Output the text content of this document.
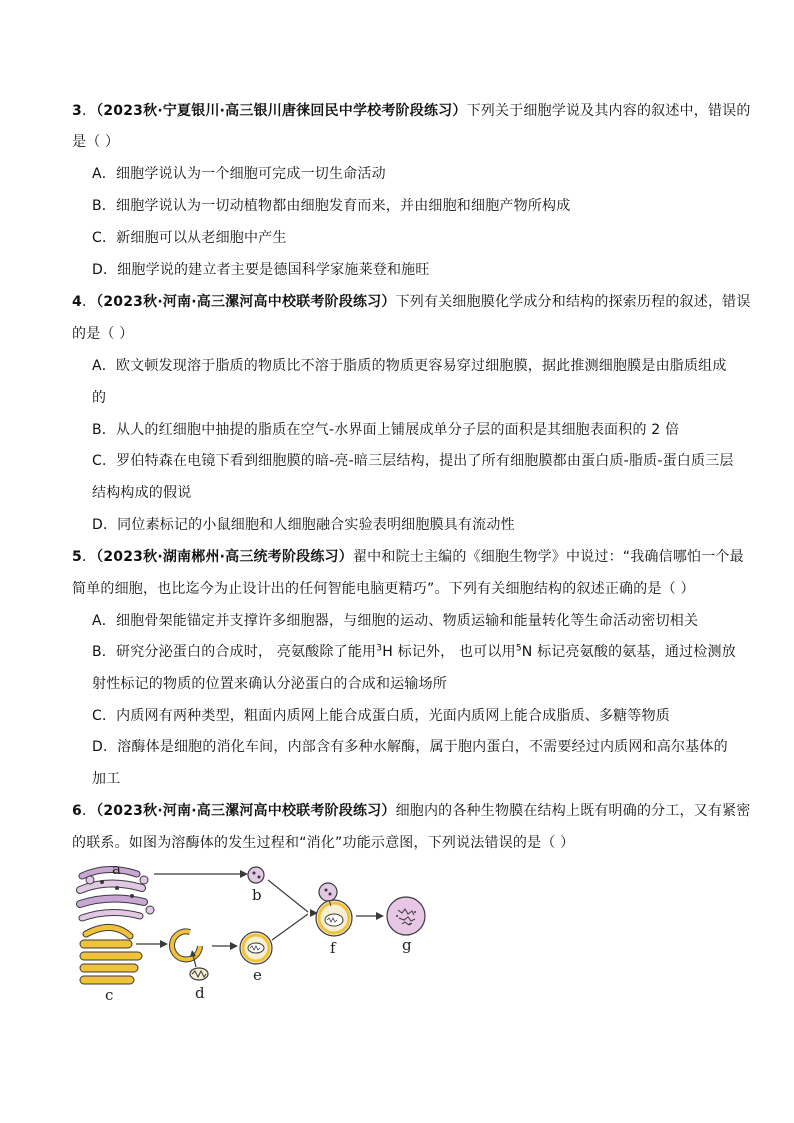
3．（2023秋·宁夏银川·高三银川唐徕回民中学校考阶段练习）下列关于细胞学说及其内容的叙述中，错误的
是（ ）
A．细胞学说认为一个细胞可完成一切生命活动
B．细胞学说认为一切动植物都由细胞发育而来，并由细胞和细胞产物所构成
C．新细胞可以从老细胞中产生
D．细胞学说的建立者主要是德国科学家施莱登和施旺
4．（2023秋·河南·高三漯河高中校联考阶段练习）下列有关细胞膜化学成分和结构的探索历程的叙述，错误
的是（ ）
A．欧文顿发现溶于脂质的物质比不溶于脂质的物质更容易穿过细胞膜，据此推测细胞膜是由脂质组成
的
B．从人的红细胞中抽提的脂质在空气-水界面上铺展成单分子层的面积是其细胞表面积的 2 倍
C．罗伯特森在电镜下看到细胞膜的暗-亮-暗三层结构，提出了所有细胞膜都由蛋白质-脂质-蛋白质三层
结构构成的假说
D．同位素标记的小鼠细胞和人细胞融合实验表明细胞膜具有流动性
5．（2023秋·湖南郴州·高三统考阶段练习）翟中和院士主编的《细胞生物学》中说过：“我确信哪怕一个最
简单的细胞，也比迄今为止设计出的任何智能电脑更精巧”。下列有关细胞结构的叙述正确的是（ ）
A．细胞骨架能锚定并支撑许多细胞器，与细胞的运动、物质运输和能量转化等生命活动密切相关
B．研究分泌蛋白的合成时， 亮氨酸除了能用$^3$H 标记外， 也可以用$^5$N 标记亮氨酸的氨基，通过检测放
射性标记的物质的位置来确认分泌蛋白的合成和运输场所
C．内质网有两种类型，粗面内质网上能合成蛋白质，光面内质网上能合成脂质、多糖等物质
D．溶酶体是细胞的消化车间，内部含有多种水解酶，属于胞内蛋白，不需要经过内质网和高尔基体的
加工
6．（2023秋·河南·高三漯河高中校联考阶段练习）细胞内的各种生物膜在结构上既有明确的分工，又有紧密
的联系。如图为溶酶体的发生过程和“消化”功能示意图，下列说法错误的是（ ）
a
b
c	d
e
f	g
